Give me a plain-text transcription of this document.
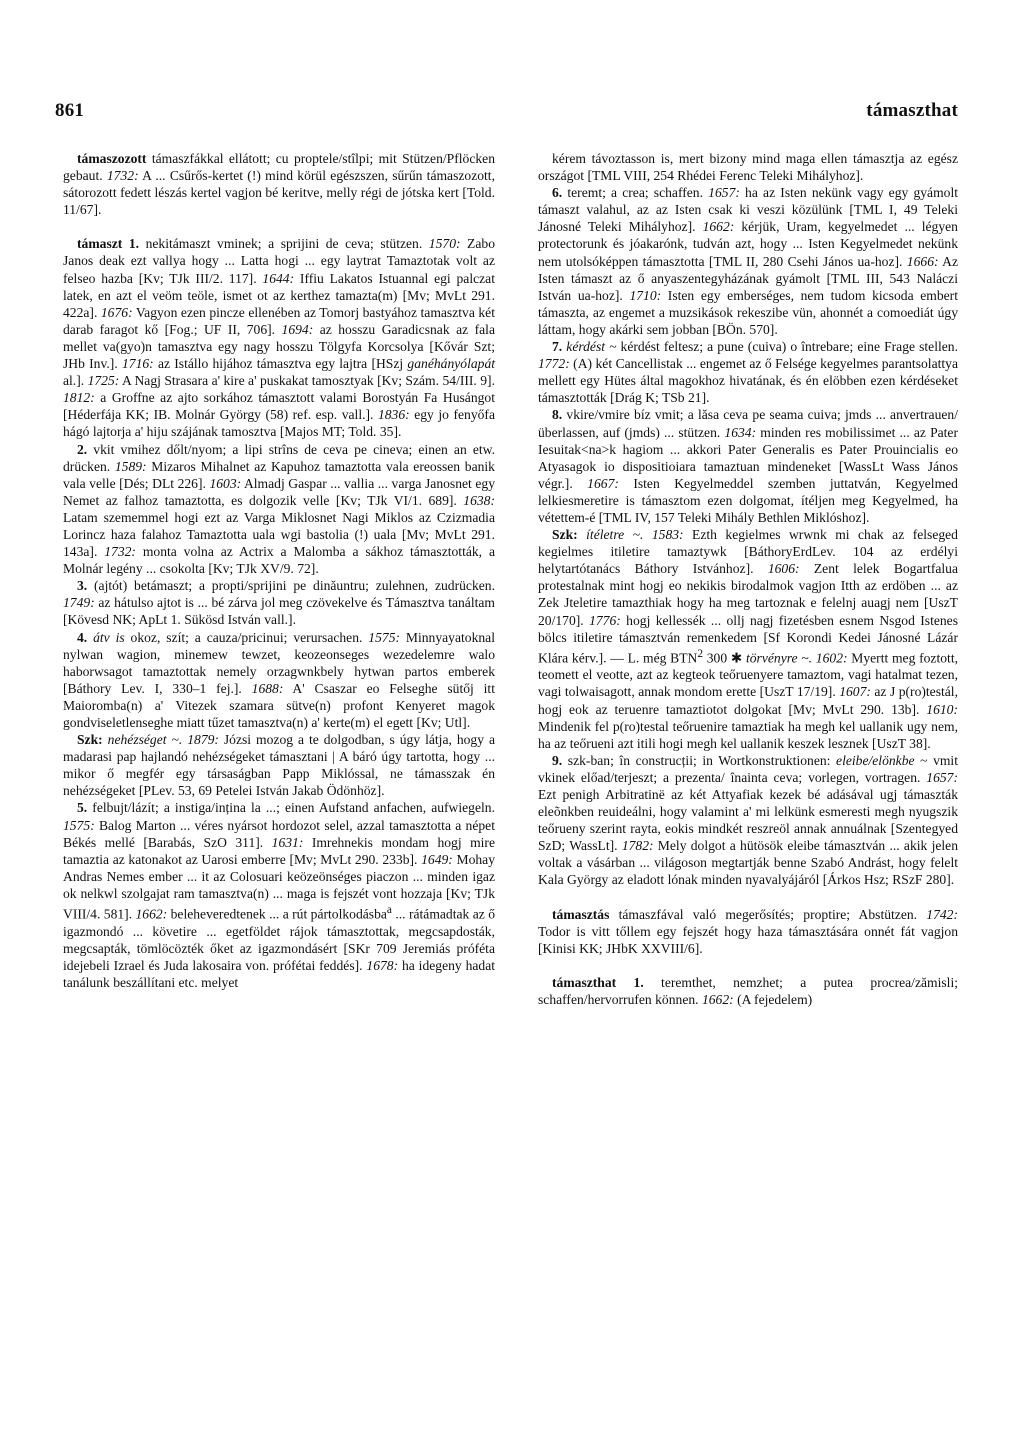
861	támaszthat

támaszozott támaszfákkal ellátott; cu proptele/stîlpi; mit Stützen/Pflöcken gebaut. 1732: A ... Csűrős-kertet (!) mind körül egészszen, sűrűn támaszozott, sátorozott fedett lészás kertel vagjon bé keritve, melly régi de jótska kert [Told. 11/67].

támaszt 1. nekitámaszt vminek; a sprijini de ceva; stützen. 1570: Zabo Janos deak ezt vallya hogy ... Latta hogi ... egy laytrat Tamaztotak volt az felseo hazba [Kv; TJk III/2. 117]. 1644: Iffiu Lakatos Istuannal egi palczat latek, en azt el veöm teöle, ismet ot az kerthez tamazta(m) [Mv; MvLt 291. 422a]. 1676: Vagyon ezen pincze ellenében az Tomorj bastyához tamasztva két darab faragot kő [Fog.; UF II, 706]. 1694: az hosszu Garadicsnak az fala mellet va(gyo)n tamasztva egy nagy hosszu Tölgyfa Korcsolya [Kővár Szt; JHb Inv.]. 1716: az Istállo hijához támasztva egy lajtra [HSzj ganéhányólapát al.]. 1725: A Nagj Strasara a' kire a' puskakat tamosztyak [Kv; Szám. 54/III. 9]. 1812: a Groffne az ajto sorkához támasztott valami Borostyán Fa Husángot [Héderfája KK; IB. Molnár György (58) ref. esp. vall.]. 1836: egy jo fenyőfa hágó lajtorja a' hiju szájának tamosztva [Majos MT; Told. 35].

2. vkit vmihez dőlt/nyom; a lipi strîns de ceva pe cineva; einen an etw. drücken. 1589: Mizaros Mihalnet az Kapuhoz tamaztotta vala ereossen banik vala velle [Dés; DLt 226]. 1603: Almadj Gaspar ... vallia ... varga Janosnet egy Nemet az falhoz tamaztotta, es dolgozik velle [Kv; TJk VI/1. 689]. 1638: Latam szememmel hogi ezt az Varga Miklosnet Nagi Miklos az Czizmadia Lorincz haza falahoz Tamaztotta uala wgi bastolia (!) uala [Mv; MvLt 291. 143a]. 1732: monta volna az Actrix a Malomba a sákhoz támasztották, a Molnár legény ... csokolta [Kv; TJk XV/9. 72].

3. (ajtót) betámaszt; a propti/sprijini pe dinăuntru; zulehnen, zudrücken. 1749: az hátulso ajtot is ... bé zárva jol meg czövekelve és Támasztva tanáltam [Kövesd NK; ApLt 1. Sükösd István vall.].

4. átv is okoz, szít; a cauza/pricinui; verursachen. 1575: Minnyayatoknal nylwan wagion, minemew tewzet, keozeonseges wezedelemre walo haborwsagot tamaztottak nemely orzagwnkbely hytwan partos emberek [Báthory Lev. I, 330–1 fej.]. 1688: A' Csaszar eo Felseghe sütőj itt Maioromba(n) a' Vitezek szamara sütve(n) profont Kenyeret magok gondviseletlenseghe miatt tűzet tamasztva(n) a' kerte(m) el egett [Kv; Utl].

Szk: nehézséget ~. 1879: Józsi mozog a te dolgodban, s úgy látja, hogy a madarasi pap hajlandó nehézségeket támasztani | A báró úgy tartotta, hogy ... mikor ő megfér egy társaságban Papp Miklóssal, ne támasszak én nehézségeket [PLev. 53, 69 Petelei István Jakab Ödönhöz].

5. felbujt/lázít; a instiga/ințina la ...; einen Aufstand anfachen, aufwiegeln. 1575: Balog Marton ... véres nyársot hordozot selel, azzal tamasztotta a népet Békés mellé [Barabás, SzO 311]. 1631: Imrehnekis mondam hogj mire tamaztia az katonakot az Uarosi emberre [Mv; MvLt 290. 233b]. 1649: Mohay Andras Nemes ember ... it az Colosuari keözeönséges piaczon ... minden igaz ok nelkwl szolgajat ram tamasztva(n) ... maga is fejszét vont hozzaja [Kv; TJk VIII/4. 581]. 1662: beleheveredtenek ... a rút pártolkodásba$^a$ ... rátámadtak az ő igazmondó ... követire ... egetföldet rájok támasztottak, megcsapdosták, megcsapták, tömlöcözték őket az igazmondásért [SKr 709 Jeremiás próféta idejebeli Izrael és Juda lakosaira von. prófétai feddés]. 1678: ha idegeny hadat tanálunk beszállítani etc. melyet

kérem távoztasson is, mert bizony mind maga ellen támasztja az egész országot [TML VIII, 254 Rhédei Ferenc Teleki Mihályhoz].

6. teremt; a crea; schaffen. 1657: ha az Isten nekünk vagy egy gyámolt támaszt valahul, az az Isten csak ki veszi közülünk [TML I, 49 Teleki Jánosné Teleki Mihályhoz]. 1662: kérjük, Uram, kegyelmedet ... légyen protectorunk és jóakarónk, tudván azt, hogy ... Isten Kegyelmedet nekünk nem utolsóképpen támasztotta [TML II, 280 Csehi János ua-hoz]. 1666: Az Isten támaszt az ő anyaszentegyházának gyámolt [TML III, 543 Naláczi István ua-hoz]. 1710: Isten egy emberséges, nem tudom kicsoda embert támaszta, az engemet a muzsikások rekeszibe vün, ahonnét a comoediát úgy láttam, hogy akárki sem jobban [BÖn. 570].

7. kérdést ~ kérdést feltesz; a pune (cuiva) o întrebare; eine Frage stellen. 1772: (A) két Cancellistak ... engemet az ő Felsége kegyelmes parantsolattya mellett egy Hütes által magokhoz hivatának, és én elöbben ezen kérdéseket támasztották [Drág K; TSb 21].

8. vkire/vmire bíz vmit; a lăsa ceva pe seama cuiva; jmds ... anvertrauen/überlassen, auf (jmds) ... stützen. 1634: minden res mobilissimet ... az Pater Iesuitak<na>k hagiom ... akkori Pater Generalis es Pater Prouincialis eo Atyasagok io dispositioiara tamaztuan mindeneket [WassLt Wass János végr.]. 1667: Isten Kegyelmeddel szemben juttatván, Kegyelmed lelkiesmeretire is támasztom ezen dolgomat, ítéljen meg Kegyelmed, ha vétettem-é [TML IV, 157 Teleki Mihály Bethlen Miklóshoz].

Szk: ítéletre ~. 1583: Ezth kegielmes wrwnk mi chak az felseged kegielmes itiletire tamaztywk [BáthoryErdLev. 104 az erdélyi helytartótanács Báthory Istvánhoz]. 1606: Zent lelek Bogartfalua protestalnak mint hogj eo nekikis birodalmok vagjon Itth az erdöben ... az Zek Jteletire tamazthiak hogy ha meg tartoznak e felelnj auagj nem [UszT 20/170]. 1776: hogj kellessék ... ollj nagj fizetésben esnem Nsgod Istenes bölcs itiletire támasztván remenkedem [Sf Korondi Kedei Jánosné Lázár Klára kérv.]. — L. még BTN$^2$ 300 ✱ törvényre ~. 1602: Myertt meg foztott, teomett el veotte, azt az kegteok teőruenyere tamaztom, vagi hatalmat tezen, vagi tolwaisagott, annak mondom erette [UszT 17/19]. 1607: az J p(ro)testál, hogj eok az teruenre tamaztiotot dolgokat [Mv; MvLt 290. 13b]. 1610: Mindenik fel p(ro)testal teőruenire tamaztiak ha megh kel uallanik ugy nem, ha az teőrueni azt itili hogi megh kel uallanik keszek lesznek [UszT 38].

9. szk-ban; în construcții; in Wortkonstruktionen: eleibe/elönkbe ~ vmit vkinek előad/terjeszt; a prezenta/ înainta ceva; vorlegen, vortragen. 1657: Ezt penigh Arbitratinë az két Attyafiak kezek bé adásával ugj támaszták eleõnkben reuideálni, hogy valamint a' mi lelkünk esmeresti megh nyugszik teőrueny szerint rayta, eokis mindkét reszreöl annak annuálnak [Szentegyed SzD; WassLt]. 1782: Mely dolgot a hütösök eleibe támasztván ... akik jelen voltak a vásárban ... világoson megtartják benne Szabó Andrást, hogy felelt Kala György az eladott lónak minden nyavalyájáról [Árkos Hsz; RSzF 280].

támasztás támaszfával való megerősítés; proptire; Abstützen. 1742: Todor is vitt tőllem egy fejszét hogy haza támasztására onnét fát vagjon [Kinisi KK; JHbK XXVIII/6].

támaszthat 1. teremthet, nemzhet; a putea procrea/zămisli; schaffen/hervorrufen können. 1662: (A fejedelem)
